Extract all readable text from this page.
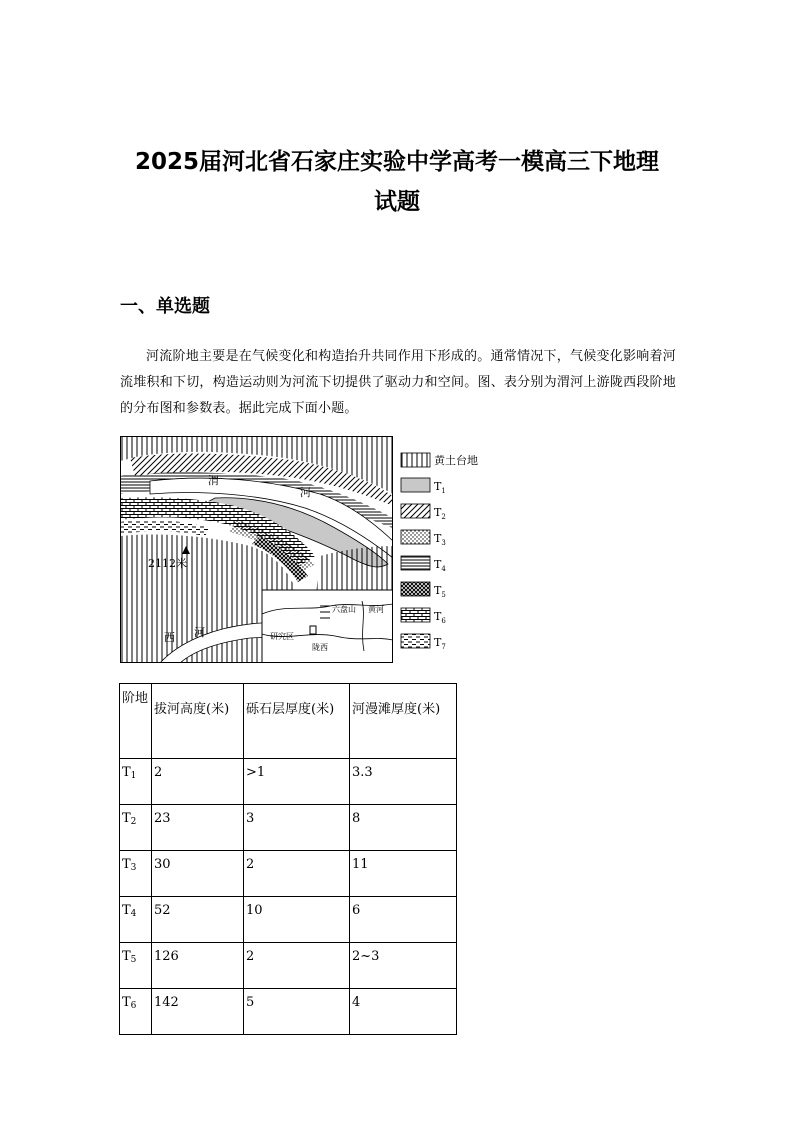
2025届河北省石家庄实验中学高考一模高三下地理
试题
一、单选题
河流阶地主要是在气候变化和构造抬升共同作用下形成的。通常情况下，气候变化影响着河流堆积和下切，构造运动则为河流下切提供了驱动力和空间。图、表分别为渭河上游陇西段阶地的分布图和参数表。据此完成下面小题。
渭
河
2112米
西 河	研究区
陇西
六盘山 黄河
黄土台地
$T_1$
$T_2$
$T_3$
$T_4$
$T_5$
$T_6$
$T_7$
阶地	拔河高度(米)	砾石层厚度(米)	河漫滩厚度(米)
$T_1$	2	>1	3.3
$T_2$	23	3	8
$T_3$	30	2	11
$T_4$	52	10	6
$T_5$	126	2	2~3
$T_6$	142	5	4
